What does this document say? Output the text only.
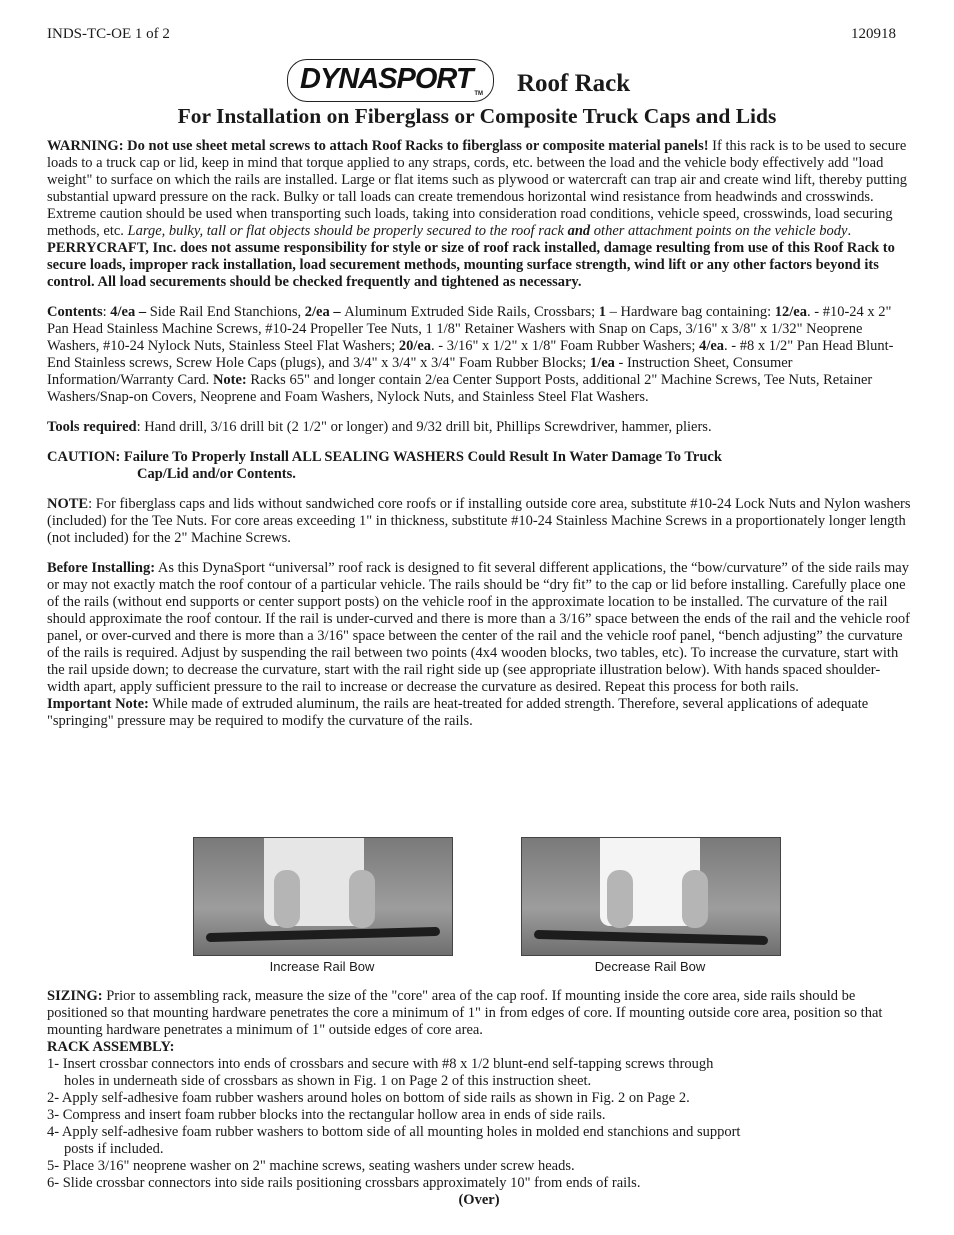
INDS-TC-OE 1 of 2	120918
DYNASPORT TM Roof Rack
For Installation on Fiberglass or Composite Truck Caps and Lids

WARNING: Do not use sheet metal screws to attach Roof Racks to fiberglass or composite material panels! If this rack is to be used to secure loads to a truck cap or lid, keep in mind that torque applied to any straps, cords, etc. between the load and the vehicle body effectively add "load weight" to surface on which the rails are installed. Large or flat items such as plywood or watercraft can trap air and create wind lift, thereby putting substantial upward pressure on the rack. Bulky or tall loads can create tremendous horizontal wind resistance from headwinds and crosswinds. Extreme caution should be used when transporting such loads, taking into consideration road conditions, vehicle speed, crosswinds, load securing methods, etc. Large, bulky, tall or flat objects should be properly secured to the roof rack and other attachment points on the vehicle body.
PERRYCRAFT, Inc. does not assume responsibility for style or size of roof rack installed, damage resulting from use of this Roof Rack to secure loads, improper rack installation, load securement methods, mounting surface strength, wind lift or any other factors beyond its control. All load securements should be checked frequently and tightened as necessary.

Contents: 4/ea – Side Rail End Stanchions, 2/ea – Aluminum Extruded Side Rails, Crossbars; 1 – Hardware bag containing: 12/ea. - #10-24 x 2" Pan Head Stainless Machine Screws, #10-24 Propeller Tee Nuts, 1 1/8" Retainer Washers with Snap on Caps, 3/16" x 3/8" x 1/32" Neoprene Washers, #10-24 Nylock Nuts, Stainless Steel Flat Washers; 20/ea. - 3/16" x 1/2" x 1/8" Foam Rubber Washers; 4/ea. - #8 x 1/2" Pan Head Blunt-End Stainless screws, Screw Hole Caps (plugs), and 3/4" x 3/4" x 3/4" Foam Rubber Blocks; 1/ea - Instruction Sheet, Consumer Information/Warranty Card. Note: Racks 65" and longer contain 2/ea Center Support Posts, additional 2" Machine Screws, Tee Nuts, Retainer Washers/Snap-on Covers, Neoprene and Foam Washers, Nylock Nuts, and Stainless Steel Flat Washers.

Tools required: Hand drill, 3/16 drill bit (2 1/2" or longer) and 9/32 drill bit, Phillips Screwdriver, hammer, pliers.

CAUTION: Failure To Properly Install ALL SEALING WASHERS Could Result In Water Damage To Truck
Cap/Lid and/or Contents.

NOTE: For fiberglass caps and lids without sandwiched core roofs or if installing outside core area, substitute #10-24 Lock Nuts and Nylon washers (included) for the Tee Nuts. For core areas exceeding 1" in thickness, substitute #10-24 Stainless Machine Screws in a proportionately longer length (not included) for the 2" Machine Screws.

Before Installing: As this DynaSport “universal” roof rack is designed to fit several different applications, the “bow/curvature” of the side rails may or may not exactly match the roof contour of a particular vehicle. The rails should be “dry fit” to the cap or lid before installing. Carefully place one of the rails (without end supports or center support posts) on the vehicle roof in the approximate location to be installed. The curvature of the rail should approximate the roof contour. If the rail is under-curved and there is more than a 3/16” space between the ends of the rail and the vehicle roof panel, or over-curved and there is more than a 3/16" space between the center of the rail and the vehicle roof panel, “bench adjusting” the curvature of the rails is required. Adjust by suspending the rail between two points (4x4 wooden blocks, two tables, etc). To increase the curvature, start with the rail upside down; to decrease the curvature, start with the rail right side up (see appropriate illustration below). With hands spaced shoulder-width apart, apply sufficient pressure to the rail to increase or decrease the curvature as desired. Repeat this process for both rails.
Important Note: While made of extruded aluminum, the rails are heat-treated for added strength. Therefore, several applications of adequate "springing" pressure may be required to modify the curvature of the rails.

Increase Rail Bow	Decrease Rail Bow

SIZING: Prior to assembling rack, measure the size of the "core" area of the cap roof. If mounting inside the core area, side rails should be positioned so that mounting hardware penetrates the core a minimum of 1" in from edges of core. If mounting outside core area, position so that mounting hardware penetrates a minimum of 1" outside edges of core area.

RACK ASSEMBLY:

1- Insert crossbar connectors into ends of crossbars and secure with #8 x 1/2 blunt-end self-tapping screws through
holes in underneath side of crossbars as shown in Fig. 1 on Page 2 of this instruction sheet.

2- Apply self-adhesive foam rubber washers around holes on bottom of side rails as shown in Fig. 2 on Page 2.

3- Compress and insert foam rubber blocks into the rectangular hollow area in ends of side rails.

4- Apply self-adhesive foam rubber washers to bottom side of all mounting holes in molded end stanchions and support
posts if included.

5- Place 3/16" neoprene washer on 2" machine screws, seating washers under screw heads.

6- Slide crossbar connectors into side rails positioning crossbars approximately 10" from ends of rails.

(Over)
